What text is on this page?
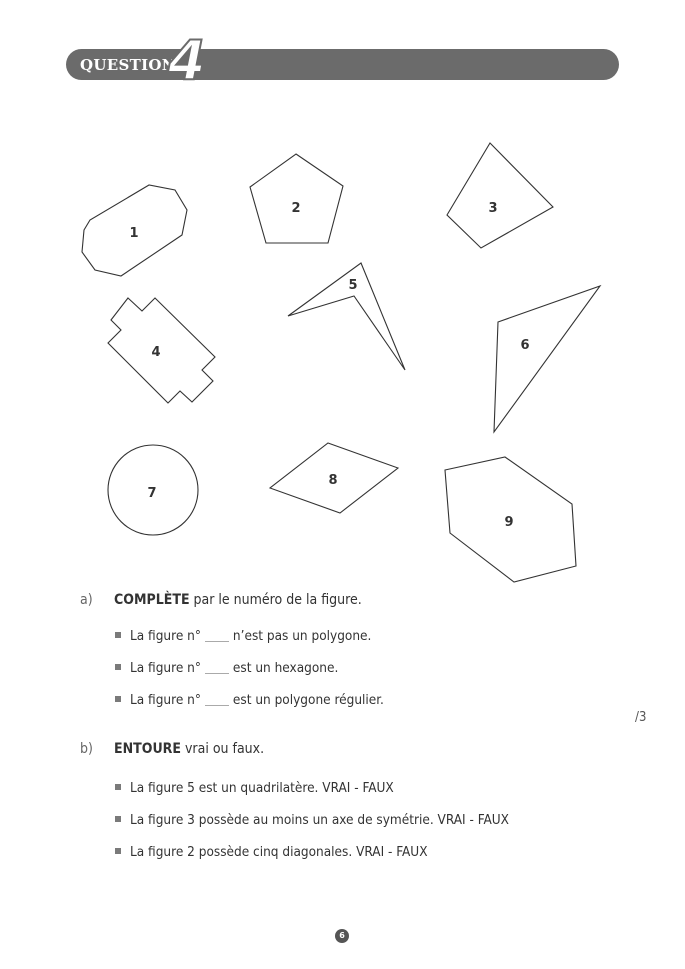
QUESTION
4
1
2	3
4
5
6
7
8
9
a) COMPLÈTE par le numéro de la figure.
La figure n° n’est pas un polygone.
La figure n° est un hexagone.
La figure n° est un polygone régulier.
/3
b) ENTOURE vrai ou faux.
La figure 5 est un quadrilatère. VRAI - FAUX
La figure 3 possède au moins un axe de symétrie. VRAI - FAUX
La figure 2 possède cinq diagonales. VRAI - FAUX
6
